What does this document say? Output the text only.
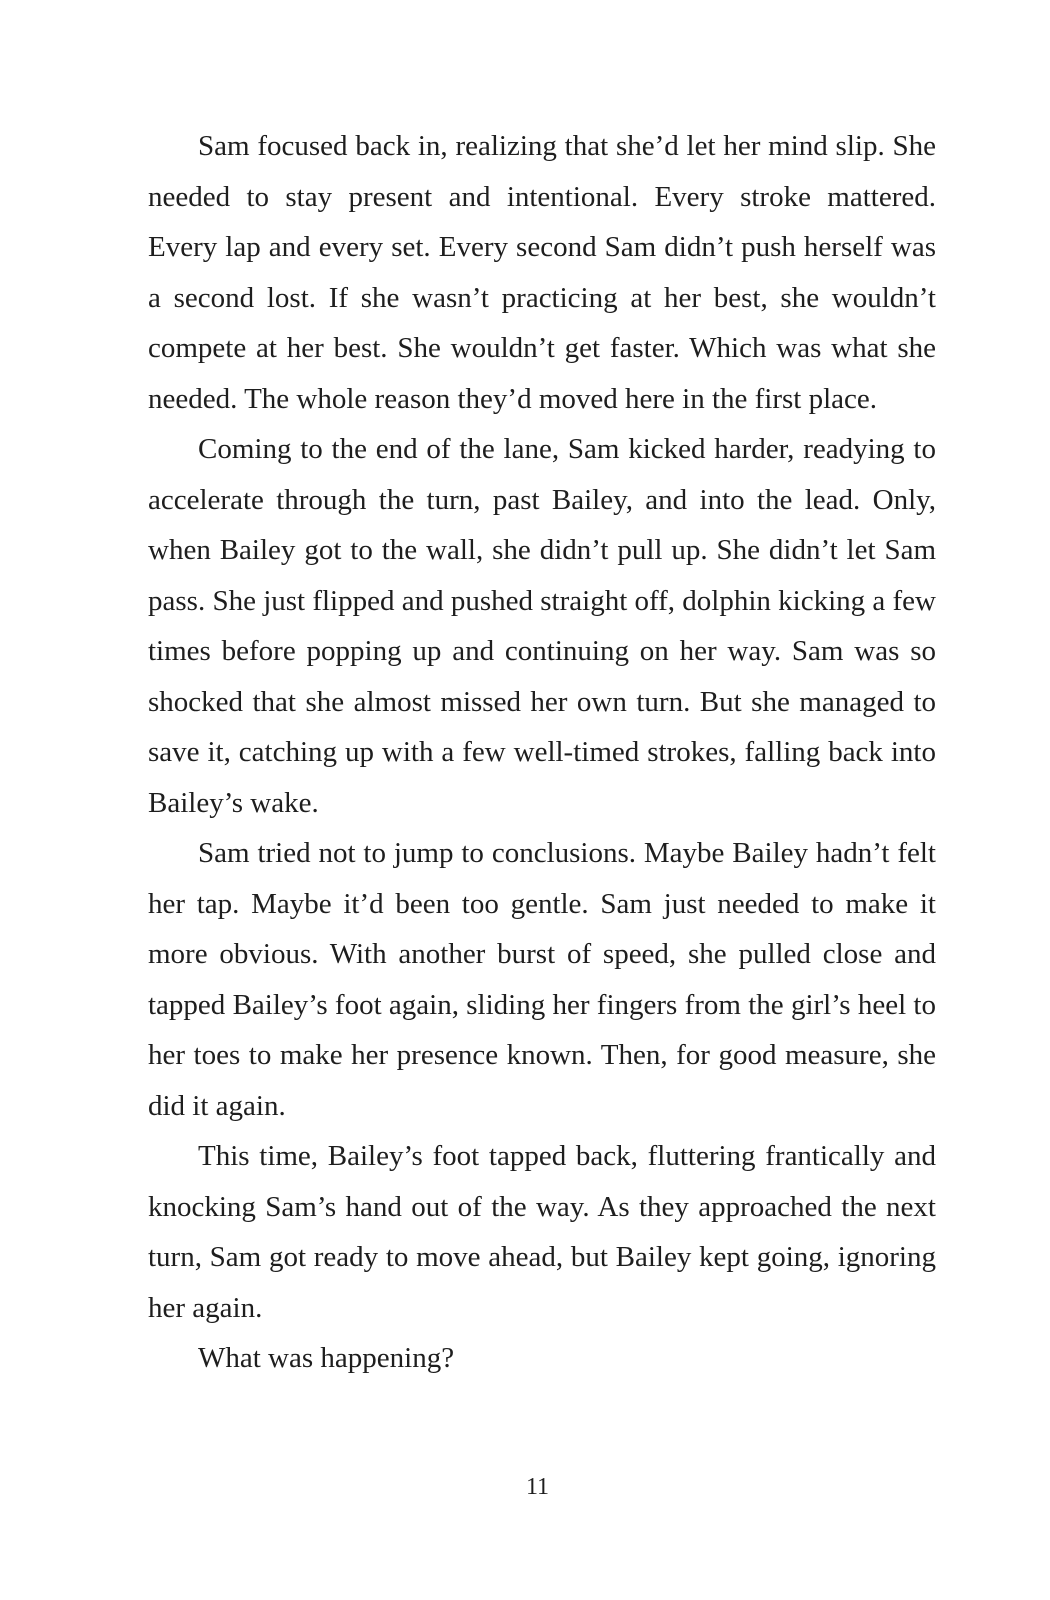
Sam focused back in, realizing that she’d let her mind slip. She needed to stay present and intentional. Every stroke mattered. Every lap and every set. Every second Sam didn’t push herself was a second lost. If she wasn’t practicing at her best, she wouldn’t compete at her best. She wouldn’t get faster. Which was what she needed. The whole reason they’d moved here in the first place.

Coming to the end of the lane, Sam kicked harder, readying to accelerate through the turn, past Bailey, and into the lead. Only, when Bailey got to the wall, she didn’t pull up. She didn’t let Sam pass. She just flipped and pushed straight off, dolphin kicking a few times before popping up and continuing on her way. Sam was so shocked that she almost missed her own turn. But she managed to save it, catching up with a few well-timed strokes, falling back into Bailey’s wake.

Sam tried not to jump to conclusions. Maybe Bailey hadn’t felt her tap. Maybe it’d been too gentle. Sam just needed to make it more obvious. With another burst of speed, she pulled close and tapped Bailey’s foot again, sliding her fingers from the girl’s heel to her toes to make her presence known. Then, for good measure, she did it again.

This time, Bailey’s foot tapped back, fluttering frantically and knocking Sam’s hand out of the way. As they approached the next turn, Sam got ready to move ahead, but Bailey kept going, ignoring her again.

What was happening?

11
